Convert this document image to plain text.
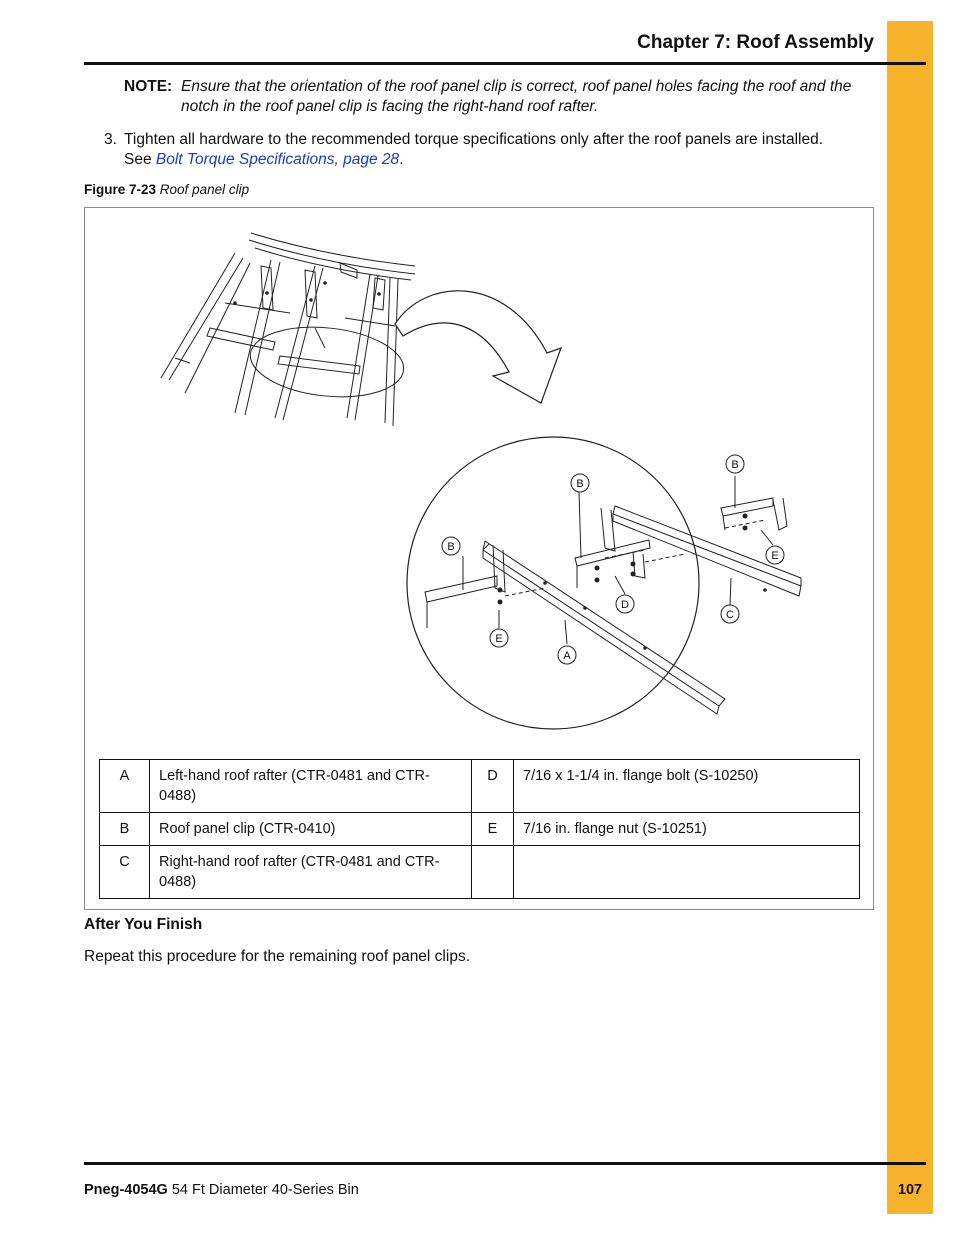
Chapter 7: Roof Assembly
NOTE: Ensure that the orientation of the roof panel clip is correct, roof panel holes facing the roof and the notch in the roof panel clip is facing the right-hand roof rafter.
3. Tighten all hardware to the recommended torque specifications only after the roof panels are installed. See Bolt Torque Specifications, page 28.
Figure 7-23 Roof panel clip
B
B
B
E
E
D
A
C
A	Left-hand roof rafter (CTR-0481 and CTR-0488)	D	7/16 x 1-1/4 in. flange bolt (S-10250)
B	Roof panel clip (CTR-0410)	E	7/16 in. flange nut (S-10251)
C	Right-hand roof rafter (CTR-0481 and CTR-0488)		
After You Finish
Repeat this procedure for the remaining roof panel clips.
Pneg-4054G 54 Ft Diameter 40-Series Bin	107
